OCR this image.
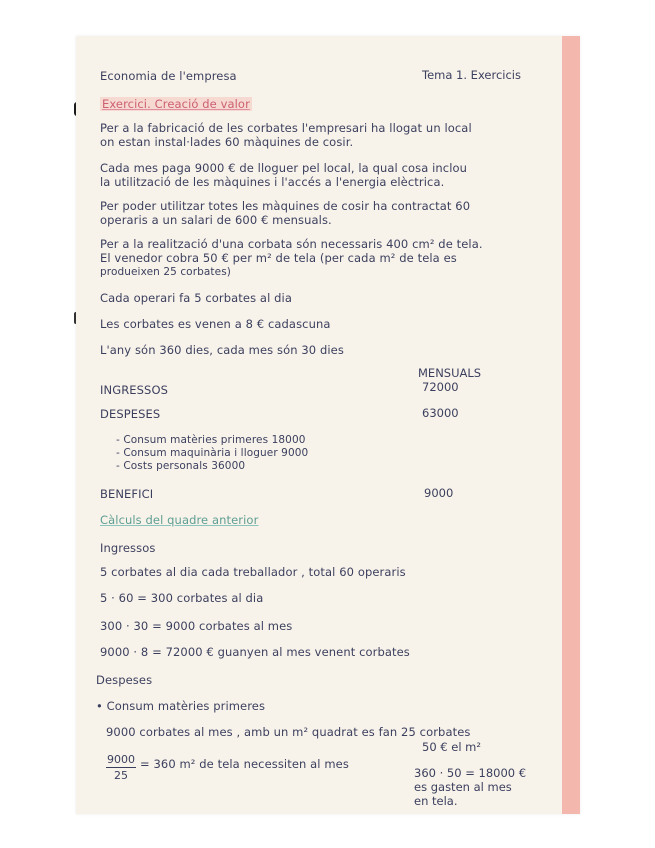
Economia de l'empresa	Tema 1. Exercicis
Exercici. Creació de valor
Per a la fabricació de les corbates l'empresari ha llogat un local
on estan instal·lades 60 màquines de cosir.
Cada mes paga 9000 € de lloguer pel local, la qual cosa inclou
la utilització de les màquines i l'accés a l'energia elèctrica.
Per poder utilitzar totes les màquines de cosir ha contractat 60
operaris a un salari de 600 € mensuals.
Per a la realització d'una corbata són necessaris 400 cm² de tela.
El venedor cobra 50 € per m² de tela (per cada m² de tela es
produeixen 25 corbates)
Cada operari fa 5 corbates al dia
Les corbates es venen a 8 € cadascuna
L'any són 360 dies, cada mes són 30 dies
MENSUALS
INGRESSOS	72000
DESPESES	63000
- Consum matèries primeres 18000
- Consum maquinària i lloguer 9000
- Costs personals 36000
BENEFICI	9000
Càlculs del quadre anterior
Ingressos
5 corbates al dia cada treballador , total 60 operaris
5 · 60 = 300 corbates al dia
300 · 30 = 9000 corbates al mes
9000 · 8 = 72000 € guanyen al mes venent corbates
Despeses
• Consum matèries primeres
9000 corbates al mes , amb un m² quadrat es fan 25 corbates
50 € el m²
9000
25
= 360 m² de tela necessiten al mes
360 · 50 = 18000 €
es gasten al mes
en tela.
